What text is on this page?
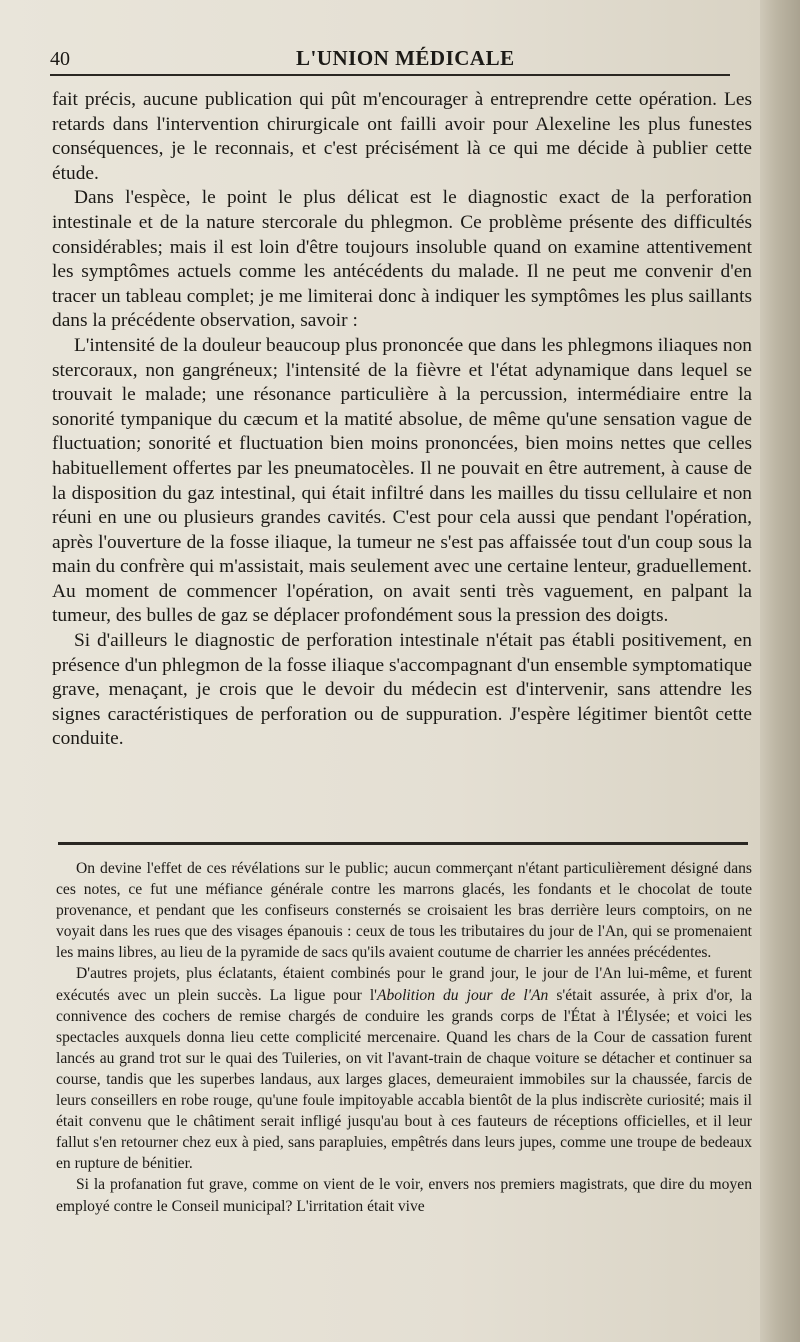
40	L'UNION MÉDICALE

fait précis, aucune publication qui pût m'encourager à entreprendre cette opération. Les retards dans l'intervention chirurgicale ont failli avoir pour Alexeline les plus funestes conséquences, je le reconnais, et c'est précisément là ce qui me décide à publier cette étude.

Dans l'espèce, le point le plus délicat est le diagnostic exact de la perforation intestinale et de la nature stercorale du phlegmon. Ce problème présente des difficultés considérables; mais il est loin d'être toujours insoluble quand on examine attentivement les symptômes actuels comme les antécédents du malade. Il ne peut me convenir d'en tracer un tableau complet; je me limiterai donc à indiquer les symptômes les plus saillants dans la précédente observation, savoir :

L'intensité de la douleur beaucoup plus prononcée que dans les phlegmons iliaques non stercoraux, non gangréneux; l'intensité de la fièvre et l'état adynamique dans lequel se trouvait le malade; une résonance particulière à la percussion, intermédiaire entre la sonorité tympanique du cæcum et la matité absolue, de même qu'une sensation vague de fluctuation; sonorité et fluctuation bien moins prononcées, bien moins nettes que celles habituellement offertes par les pneumatocèles. Il ne pouvait en être autrement, à cause de la disposition du gaz intestinal, qui était infiltré dans les mailles du tissu cellulaire et non réuni en une ou plusieurs grandes cavités. C'est pour cela aussi que pendant l'opération, après l'ouverture de la fosse iliaque, la tumeur ne s'est pas affaissée tout d'un coup sous la main du confrère qui m'assistait, mais seulement avec une certaine lenteur, graduellement. Au moment de commencer l'opération, on avait senti très vaguement, en palpant la tumeur, des bulles de gaz se déplacer profondément sous la pression des doigts.

Si d'ailleurs le diagnostic de perforation intestinale n'était pas établi positivement, en présence d'un phlegmon de la fosse iliaque s'accompagnant d'un ensemble symptomatique grave, menaçant, je crois que le devoir du médecin est d'intervenir, sans attendre les signes caractéristiques de perforation ou de suppuration. J'espère légitimer bientôt cette conduite.

On devine l'effet de ces révélations sur le public; aucun commerçant n'étant particulièrement désigné dans ces notes, ce fut une méfiance générale contre les marrons glacés, les fondants et le chocolat de toute provenance, et pendant que les confiseurs consternés se croisaient les bras derrière leurs comptoirs, on ne voyait dans les rues que des visages épanouis : ceux de tous les tributaires du jour de l'An, qui se promenaient les mains libres, au lieu de la pyramide de sacs qu'ils avaient coutume de charrier les années précédentes.

D'autres projets, plus éclatants, étaient combinés pour le grand jour, le jour de l'An lui-même, et furent exécutés avec un plein succès. La ligue pour l'Abolition du jour de l'An s'était assurée, à prix d'or, la connivence des cochers de remise chargés de conduire les grands corps de l'État à l'Élysée; et voici les spectacles auxquels donna lieu cette complicité mercenaire. Quand les chars de la Cour de cassation furent lancés au grand trot sur le quai des Tuileries, on vit l'avant-train de chaque voiture se détacher et continuer sa course, tandis que les superbes landaus, aux larges glaces, demeuraient immobiles sur la chaussée, farcis de leurs conseillers en robe rouge, qu'une foule impitoyable accabla bientôt de la plus indiscrète curiosité; mais il était convenu que le châtiment serait infligé jusqu'au bout à ces fauteurs de réceptions officielles, et il leur fallut s'en retourner chez eux à pied, sans parapluies, empêtrés dans leurs jupes, comme une troupe de bedeaux en rupture de bénitier.

Si la profanation fut grave, comme on vient de le voir, envers nos premiers magistrats, que dire du moyen employé contre le Conseil municipal? L'irritation était vive
